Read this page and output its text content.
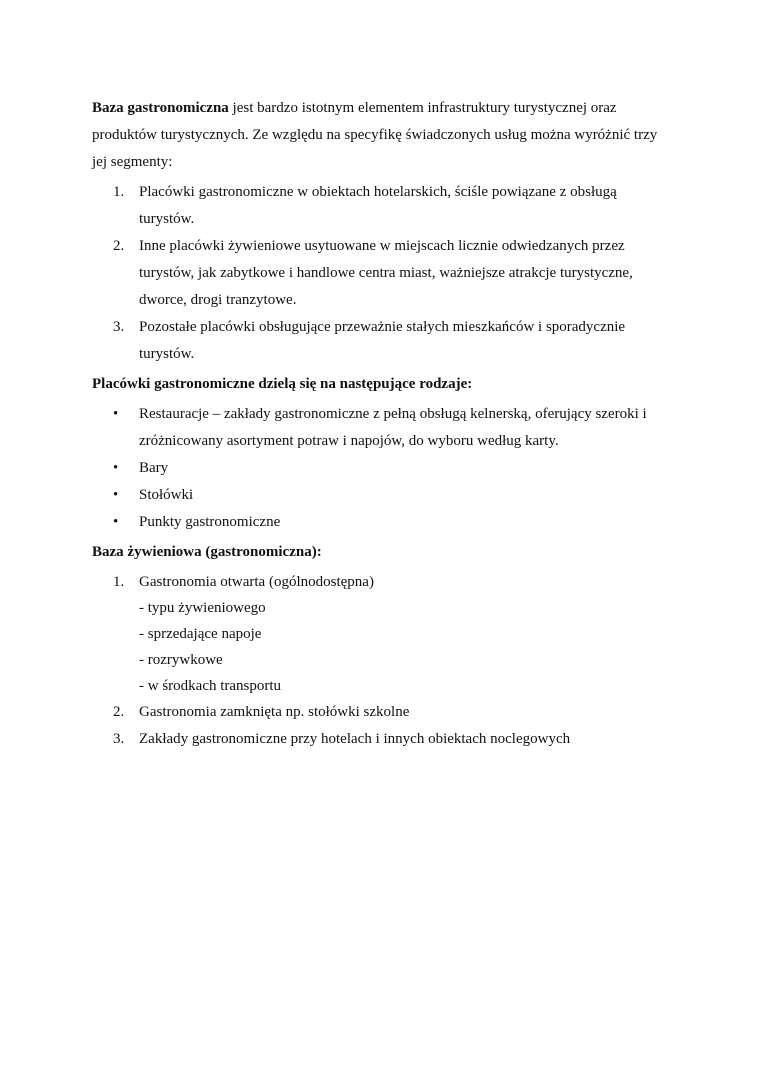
Baza gastronomiczna jest bardzo istotnym elementem infrastruktury turystycznej oraz produktów turystycznych. Ze względu na specyfikę świadczonych usług można wyróżnić trzy jej segmenty:

1. Placówki gastronomiczne w obiektach hotelarskich, ściśle powiązane z obsługą turystów.
2. Inne placówki żywieniowe usytuowane w miejscach licznie odwiedzanych przez turystów, jak zabytkowe i handlowe centra miast, ważniejsze atrakcje turystyczne, dworce, drogi tranzytowe.
3. Pozostałe placówki obsługujące przeważnie stałych mieszkańców i sporadycznie turystów.

Placówki gastronomiczne dzielą się na następujące rodzaje:

• Restauracje – zakłady gastronomiczne z pełną obsługą kelnerską, oferujący szeroki i zróżnicowany asortyment potraw i napojów, do wyboru według karty.
• Bary
• Stołówki
• Punkty gastronomiczne

Baza żywieniowa (gastronomiczna):

1. Gastronomia otwarta (ogólnodostępna)
- typu żywieniowego
- sprzedające napoje
- rozrywkowe
- w środkach transportu
2. Gastronomia zamknięta np. stołówki szkolne
3. Zakłady gastronomiczne przy hotelach i innych obiektach noclegowych
